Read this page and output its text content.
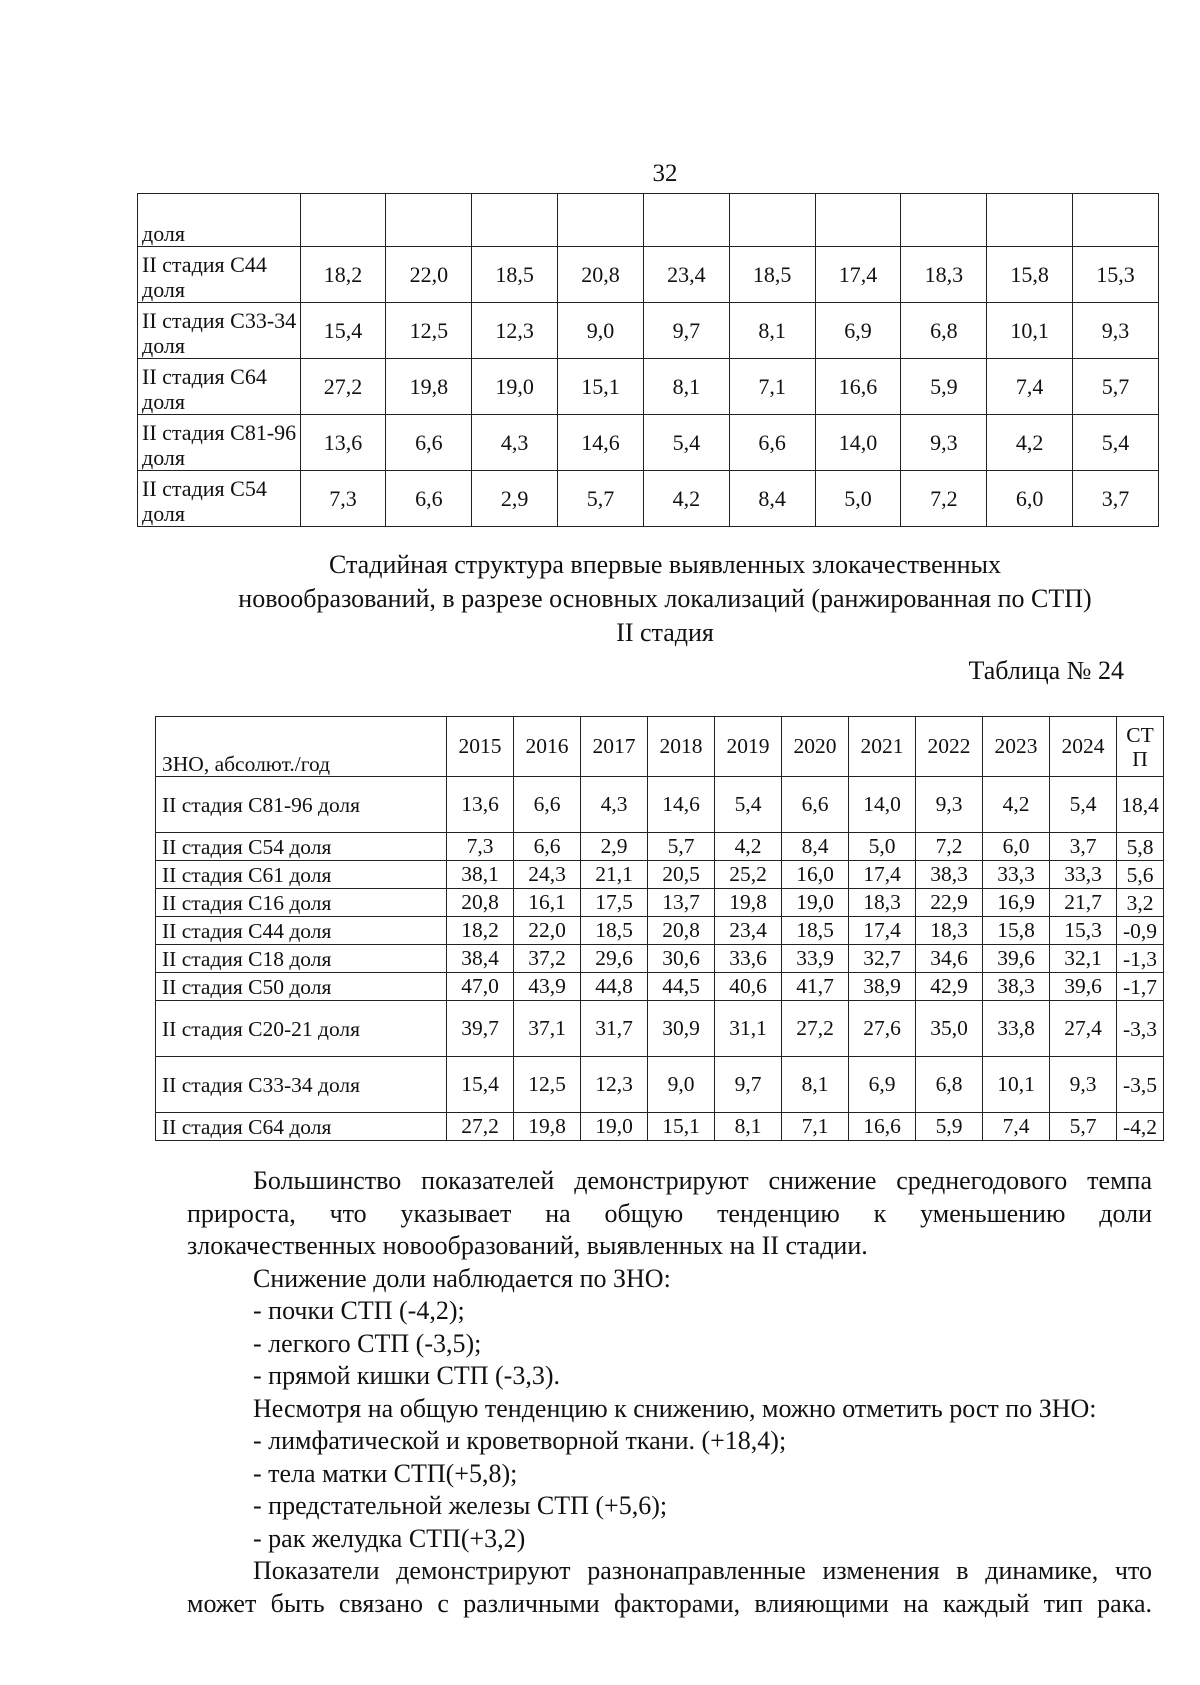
32
доля										
II стадия С44 доля	18,2	22,0	18,5	20,8	23,4	18,5	17,4	18,3	15,8	15,3
II стадия С33-34 доля	15,4	12,5	12,3	9,0	9,7	8,1	6,9	6,8	10,1	9,3
II стадия С64 доля	27,2	19,8	19,0	15,1	8,1	7,1	16,6	5,9	7,4	5,7
II стадия С81-96 доля	13,6	6,6	4,3	14,6	5,4	6,6	14,0	9,3	4,2	5,4
II стадия С54 доля	7,3	6,6	2,9	5,7	4,2	8,4	5,0	7,2	6,0	3,7
Стадийная структура впервые выявленных злокачественных
новообразований, в разрезе основных локализаций (ранжированная по СТП)
II стадия
Таблица № 24
ЗНО, абсолют./год	2015	2016	2017	2018	2019	2020	2021	2022	2023	2024	СТ П
II стадия С81-96 доля	13,6	6,6	4,3	14,6	5,4	6,6	14,0	9,3	4,2	5,4	18,4
II стадия С54 доля	7,3	6,6	2,9	5,7	4,2	8,4	5,0	7,2	6,0	3,7	5,8
II стадия С61 доля	38,1	24,3	21,1	20,5	25,2	16,0	17,4	38,3	33,3	33,3	5,6
II стадия С16 доля	20,8	16,1	17,5	13,7	19,8	19,0	18,3	22,9	16,9	21,7	3,2
II стадия С44 доля	18,2	22,0	18,5	20,8	23,4	18,5	17,4	18,3	15,8	15,3	-0,9
II стадия С18 доля	38,4	37,2	29,6	30,6	33,6	33,9	32,7	34,6	39,6	32,1	-1,3
II стадия С50 доля	47,0	43,9	44,8	44,5	40,6	41,7	38,9	42,9	38,3	39,6	-1,7
II стадия С20-21 доля	39,7	37,1	31,7	30,9	31,1	27,2	27,6	35,0	33,8	27,4	-3,3
II стадия С33-34 доля	15,4	12,5	12,3	9,0	9,7	8,1	6,9	6,8	10,1	9,3	-3,5
II стадия С64 доля	27,2	19,8	19,0	15,1	8,1	7,1	16,6	5,9	7,4	5,7	-4,2

Большинство показателей демонстрируют снижение среднегодового темпа

прироста, что указывает на общую тенденцию к уменьшению доли

злокачественных новообразований, выявленных на II стадии.

Снижение доли наблюдается по ЗНО:

- почки СТП (-4,2);

- легкого СТП (-3,5);

- прямой кишки СТП (-3,3).

Несмотря на общую тенденцию к снижению, можно отметить рост по ЗНО:

- лимфатической и кроветворной ткани. (+18,4);

- тела матки СТП(+5,8);

- предстательной железы СТП (+5,6);

- рак желудка СТП(+3,2)

Показатели демонстрируют разнонаправленные изменения в динамике, что

может быть связано с различными факторами, влияющими на каждый тип рака.
